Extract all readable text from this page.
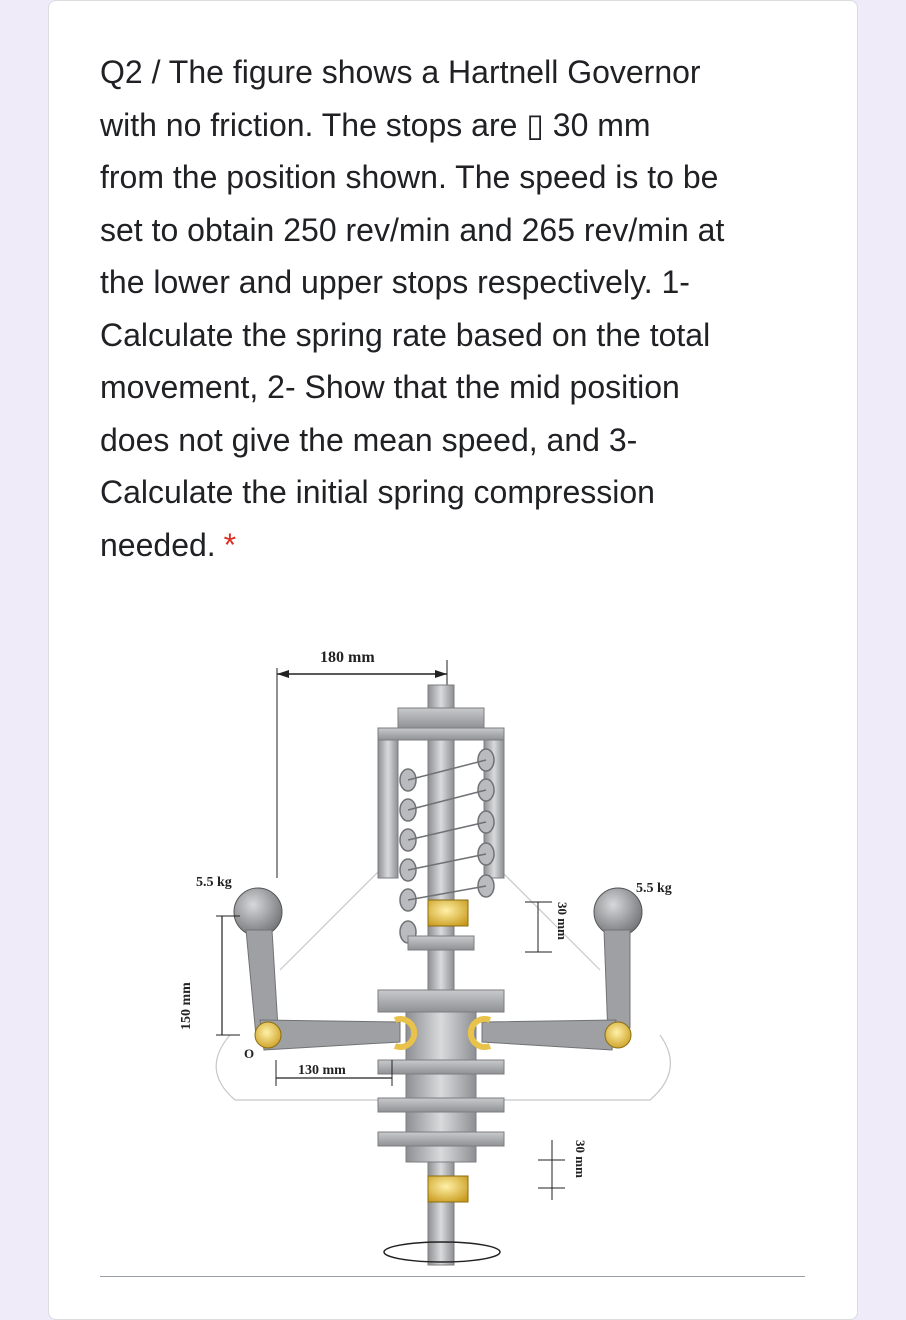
Q2 / The figure shows a Hartnell Governor
with no friction. The stops are ▯ 30 mm
from the position shown. The speed is to be
set to obtain 250 rev/min and 265 rev/min at
the lower and upper stops respectively. 1-
Calculate the spring rate based on the total
movement, 2- Show that the mid position
does not give the mean speed, and 3-
Calculate the initial spring compression
needed. *
180 mm
5.5 kg	5.5 kg
150 mm
O
130 mm
30 mm
30 mm
